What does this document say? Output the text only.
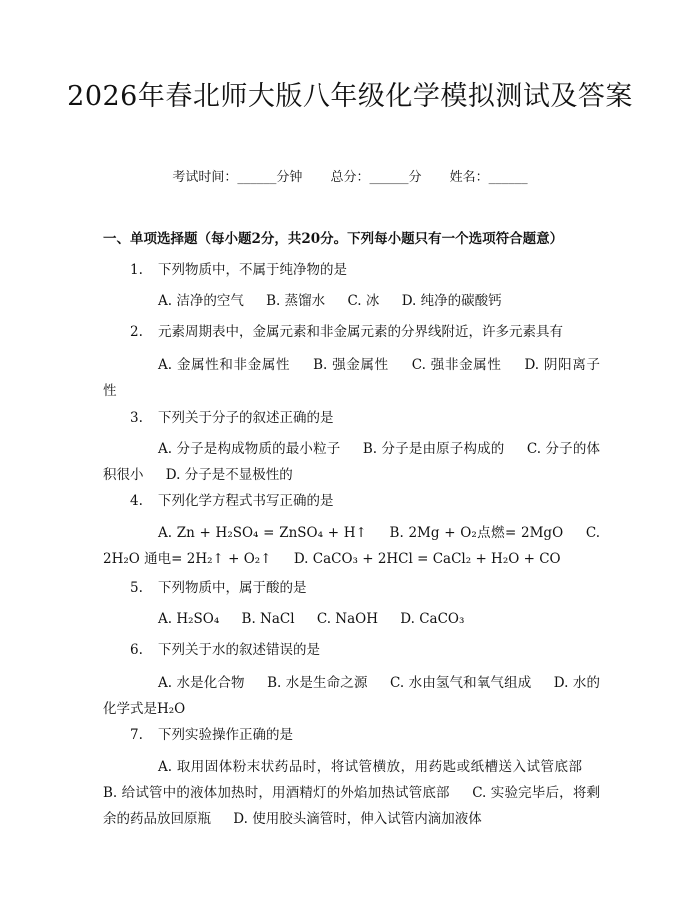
2026年春北师大版八年级化学模拟测试及答案
考试时间：______分钟 总分：______分 姓名：______
一、单项选择题（每小题2分，共20分。下列每小题只有一个选项符合题意）
1. 下列物质中，不属于纯净物的是
A. 洁净的空气 B. 蒸馏水 C. 冰 D. 纯净的碳酸钙
2. 元素周期表中，金属元素和非金属元素的分界线附近，许多元素具有
A. 金属性和非金属性 B. 强金属性 C. 强非金属性 D. 阴阳离子性
3. 下列关于分子的叙述正确的是
A. 分子是构成物质的最小粒子 B. 分子是由原子构成的 C. 分子的体积很小 D. 分子是不显极性的
4. 下列化学方程式书写正确的是
A. Zn + H₂SO₄ = ZnSO₄ + H↑ B. 2Mg + O₂点燃= 2MgO C. 2H₂O 通电= 2H₂↑ + O₂↑ D. CaCO₃ + 2HCl = CaCl₂ + H₂O + CO
5. 下列物质中，属于酸的是
A. H₂SO₄ B. NaCl C. NaOH D. CaCO₃
6. 下列关于水的叙述错误的是
A. 水是化合物 B. 水是生命之源 C. 水由氢气和氧气组成 D. 水的化学式是H₂O
7. 下列实验操作正确的是
A. 取用固体粉末状药品时，将试管横放，用药匙或纸槽送入试管底部 B. 给试管中的液体加热时，用酒精灯的外焰加热试管底部 C. 实验完毕后，将剩余的药品放回原瓶 D. 使用胶头滴管时，伸入试管内滴加液体
